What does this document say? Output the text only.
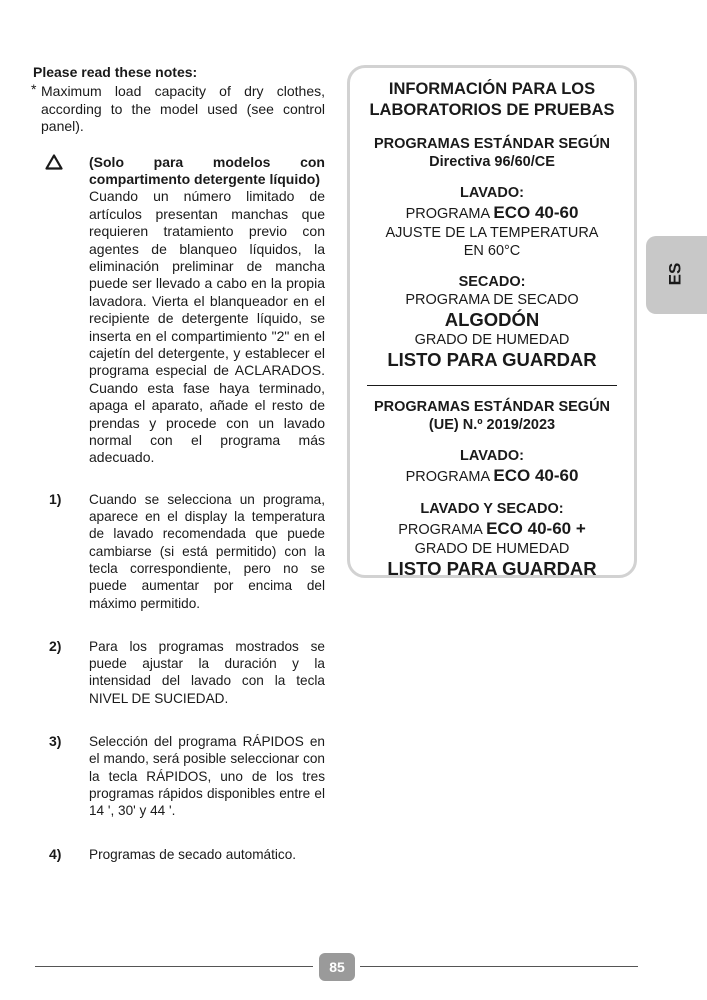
Please read these notes:

* Maximum load capacity of dry clothes, according to the model used (see control panel).
(Solo para modelos con compartimento detergente líquido)
Cuando un número limitado de artículos presentan manchas que requieren tratamiento previo con agentes de blanqueo líquidos, la eliminación preliminar de mancha puede ser llevado a cabo en la propia lavadora. Vierta el blanqueador en el recipiente de detergente líquido, se inserta en el compartimiento "2" en el cajetín del detergente, y establecer el programa especial de ACLARADOS. Cuando esta fase haya terminado, apaga el aparato, añade el resto de prendas y procede con un lavado normal con el programa más adecuado.
1) Cuando se selecciona un programa, aparece en el display la temperatura de lavado recomendada que puede cambiarse (si está permitido) con la tecla correspondiente, pero no se puede aumentar por encima del máximo permitido.
2) Para los programas mostrados se puede ajustar la duración y la intensidad del lavado con la tecla NIVEL DE SUCIEDAD.
3) Selección del programa RÁPIDOS en el mando, será posible seleccionar con la tecla RÁPIDOS, uno de los tres programas rápidos disponibles entre el 14 ', 30' y 44 '.
4) Programas de secado automático.
INFORMACIÓN PARA LOS LABORATORIOS DE PRUEBAS
PROGRAMAS ESTÁNDAR SEGÚN
Directiva 96/60/CE
LAVADO:
PROGRAMA ECO 40-60
AJUSTE DE LA TEMPERATURA
EN 60°C
SECADO:
PROGRAMA DE SECADO
ALGODÓN
GRADO DE HUMEDAD
LISTO PARA GUARDAR
PROGRAMAS ESTÁNDAR SEGÚN
(UE) N.º 2019/2023
LAVADO:
PROGRAMA ECO 40-60
LAVADO Y SECADO:
PROGRAMA ECO 40-60 +
GRADO DE HUMEDAD
LISTO PARA GUARDAR
ES
85
